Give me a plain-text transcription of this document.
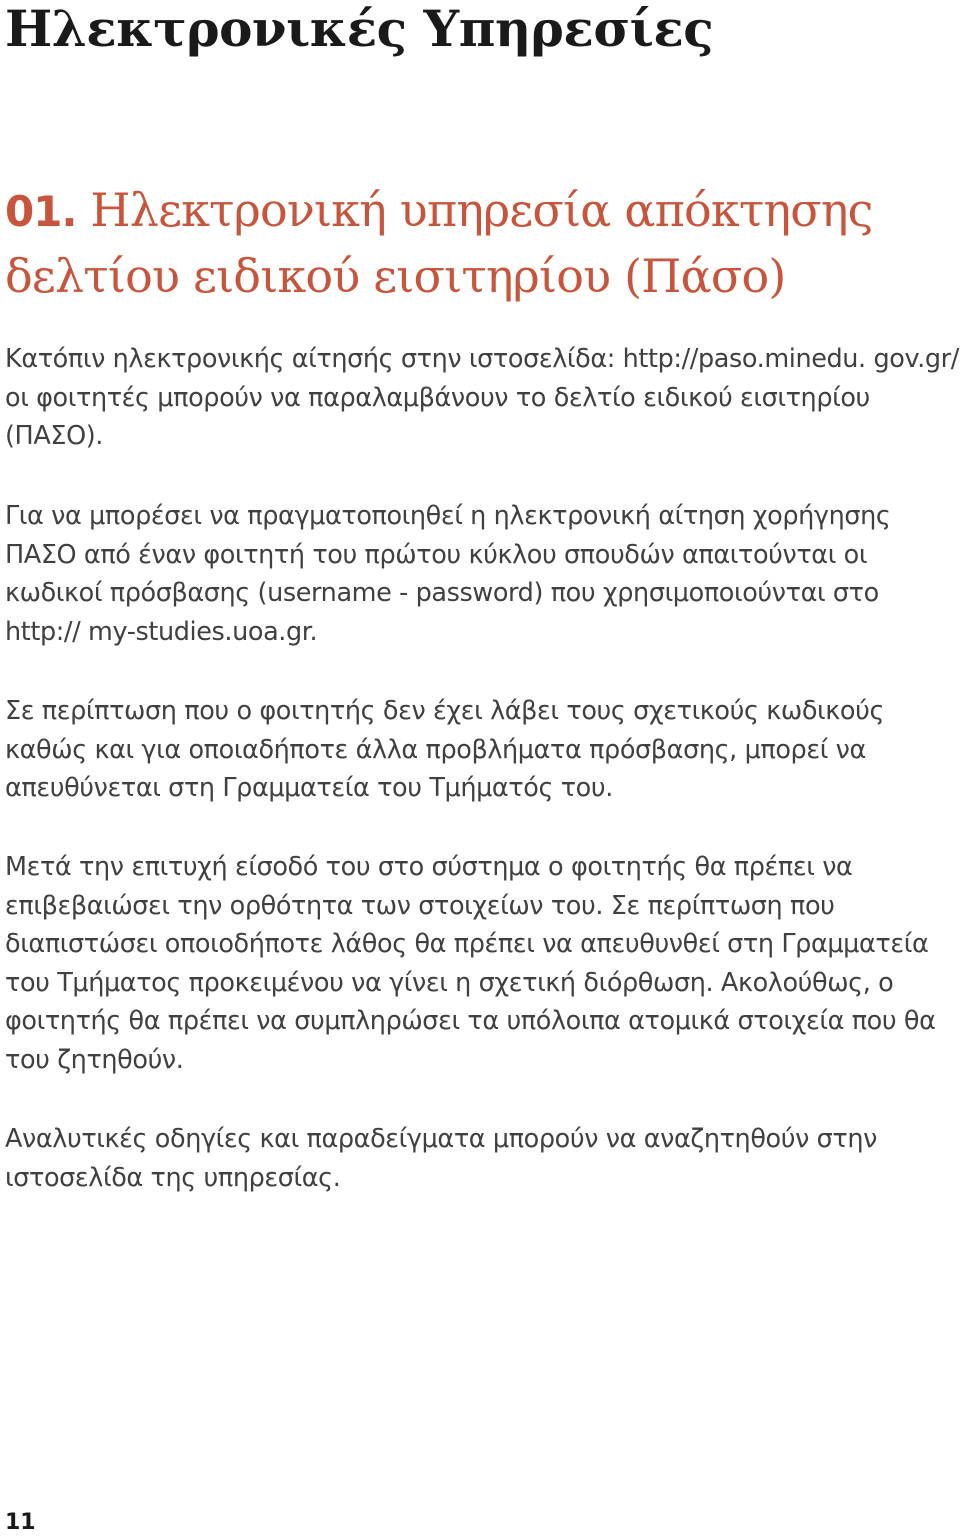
Ηλεκτρονικές Υπηρεσίες
01. Ηλεκτρονική υπηρεσία απόκτησης δελτίου ειδικού εισιτηρίου (Πάσο)

Κατόπιν ηλεκτρονικής αίτησής στην ιστοσελίδα: http://paso.minedu. gov.gr/ οι φοιτητές μπορούν να παραλαμβάνουν το δελτίο ειδικού εισιτηρίου (ΠΑΣΟ).

Για να μπορέσει να πραγματοποιηθεί η ηλεκτρονική αίτηση χορήγησης ΠΑΣΟ από έναν φοιτητή του πρώτου κύκλου σπουδών απαιτούνται οι κωδικοί πρόσβασης (username - password) που χρησιμοποιούνται στο http:// my-studies.uoa.gr.

Σε περίπτωση που ο φοιτητής δεν έχει λάβει τους σχετικούς κωδικούς καθώς και για οποιαδήποτε άλλα προβλήματα πρόσβασης, μπορεί να απευθύνεται στη Γραμματεία του Τμήματός του.

Μετά την επιτυχή είσοδό του στο σύστημα ο φοιτητής θα πρέπει να επιβεβαιώσει την ορθότητα των στοιχείων του. Σε περίπτωση που διαπιστώσει οποιοδήποτε λάθος θα πρέπει να απευθυνθεί στη Γραμματεία του Τμήματος προκειμένου να γίνει η σχετική διόρθωση. Ακολούθως, ο φοιτητής θα πρέπει να συμπληρώσει τα υπόλοιπα ατομικά στοιχεία που θα του ζητηθούν.

Αναλυτικές οδηγίες και παραδείγματα μπορούν να αναζητηθούν στην ιστοσελίδα της υπηρεσίας.

11
